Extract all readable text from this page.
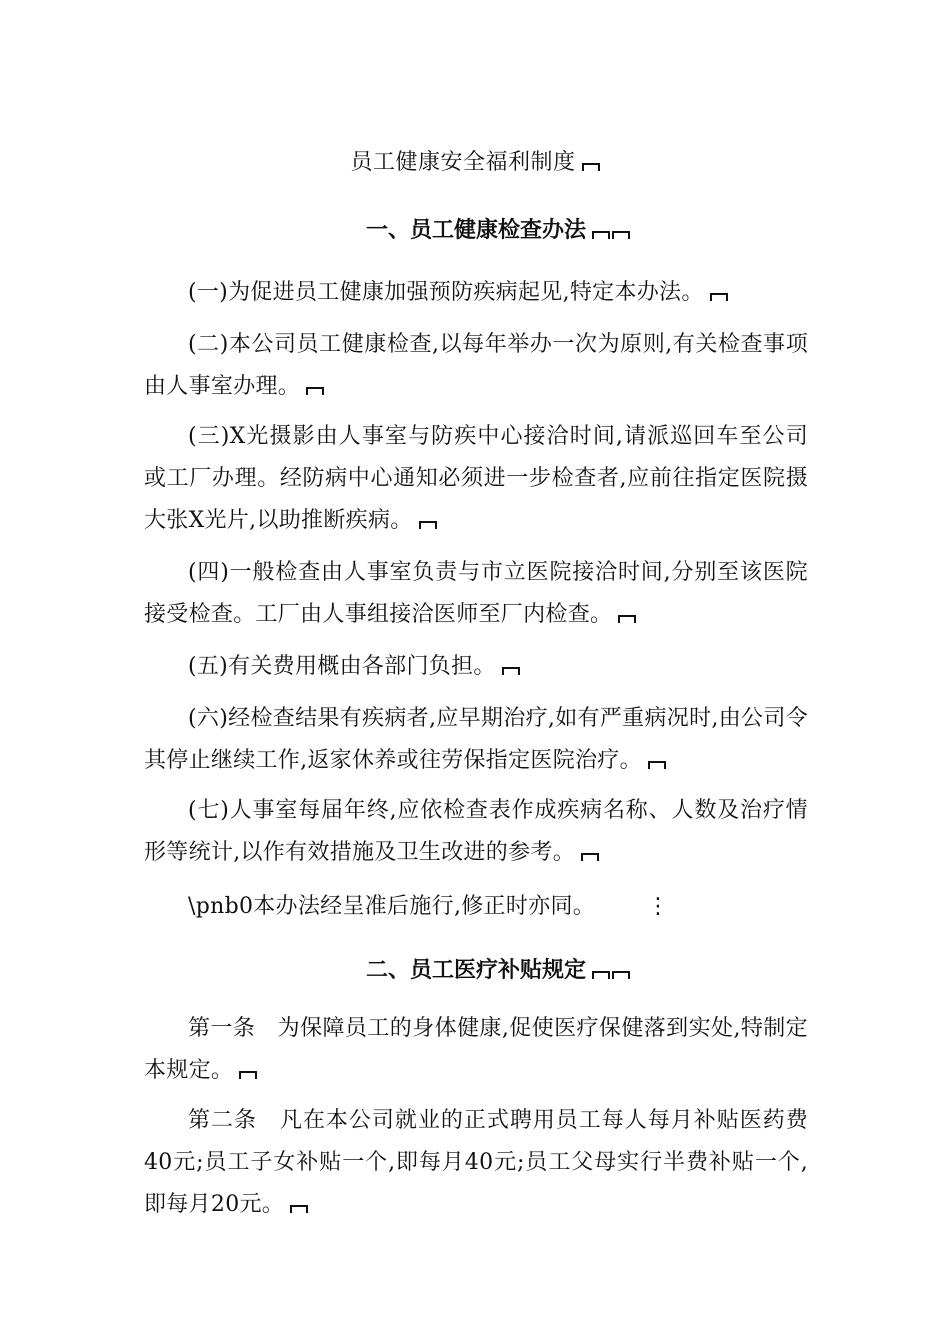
员工健康安全福利制度
一、员工健康检查办法
(一)为促进员工健康加强预防疾病起见,特定本办法。
(二)本公司员工健康检查,以每年举办一次为原则,有关检查事项由人事室办理。
(三)X光摄影由人事室与防疾中心接洽时间,请派巡回车至公司或工厂办理。经防病中心通知必须进一步检查者,应前往指定医院摄大张X光片,以助推断疾病。
(四)一般检查由人事室负责与市立医院接洽时间,分别至该医院接受检查。工厂由人事组接洽医师至厂内检查。
(五)有关费用概由各部门负担。
(六)经检查结果有疾病者,应早期治疗,如有严重病况时,由公司令其停止继续工作,返家休养或往劳保指定医院治疗。
(七)人事室每届年终,应依检查表作成疾病名称、人数及治疗情形等统计,以作有效措施及卫生改进的参考。
\pnb0本办法经呈准后施行,修正时亦同。 ⋮
二、员工医疗补贴规定
第一条　为保障员工的身体健康,促使医疗保健落到实处,特制定本规定。
第二条　凡在本公司就业的正式聘用员工每人每月补贴医药费40元;员工子女补贴一个,即每月40元;员工父母实行半费补贴一个,即每月20元。
